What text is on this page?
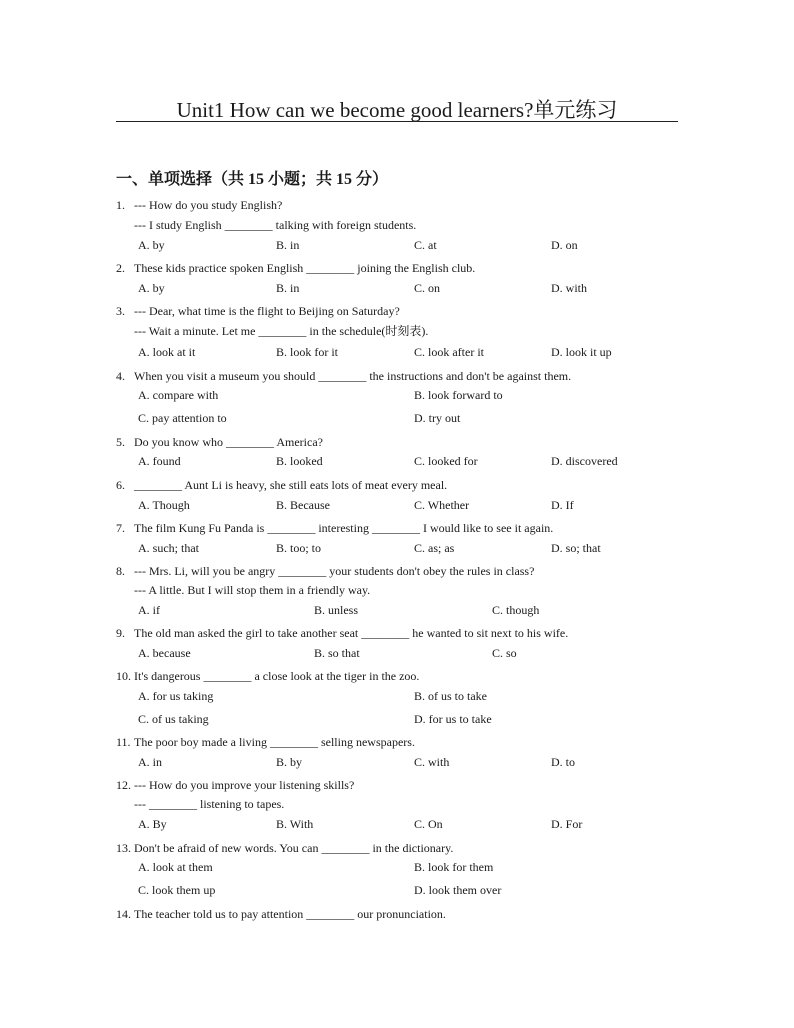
Unit1 How can we become good learners?单元练习
一、单项选择（共 15 小题；共 15 分）
1. --- How do you study English?
--- I study English ________ talking with foreign students.
A. by	B. in	C. at	D. on
2. These kids practice spoken English ________ joining the English club.
A. by	B. in	C. on	D. with
3. --- Dear, what time is the flight to Beijing on Saturday?
--- Wait a minute. Let me ________ in the schedule(时刻表).
A. look at it	B. look for it	C. look after it	D. look it up
4. When you visit a museum you should ________ the instructions and don't be against them.
A. compare with	B. look forward to
C. pay attention to	D. try out
5. Do you know who ________ America?
A. found	B. looked	C. looked for	D. discovered
6. ________ Aunt Li is heavy, she still eats lots of meat every meal.
A. Though	B. Because	C. Whether	D. If
7. The film Kung Fu Panda is ________ interesting ________ I would like to see it again.
A. such; that	B. too; to	C. as; as	D. so; that
8. --- Mrs. Li, will you be angry ________ your students don't obey the rules in class?
--- A little. But I will stop them in a friendly way.
A. if	B. unless	C. though
9. The old man asked the girl to take another seat ________ he wanted to sit next to his wife.
A. because	B. so that	C. so
10. It's dangerous ________ a close look at the tiger in the zoo.
A. for us taking	B. of us to take
C. of us taking	D. for us to take
11. The poor boy made a living ________ selling newspapers.
A. in	B. by	C. with	D. to
12. --- How do you improve your listening skills?
--- ________ listening to tapes.
A. By	B. With	C. On	D. For
13. Don't be afraid of new words. You can ________ in the dictionary.
A. look at them	B. look for them
C. look them up	D. look them over
14. The teacher told us to pay attention ________ our pronunciation.
